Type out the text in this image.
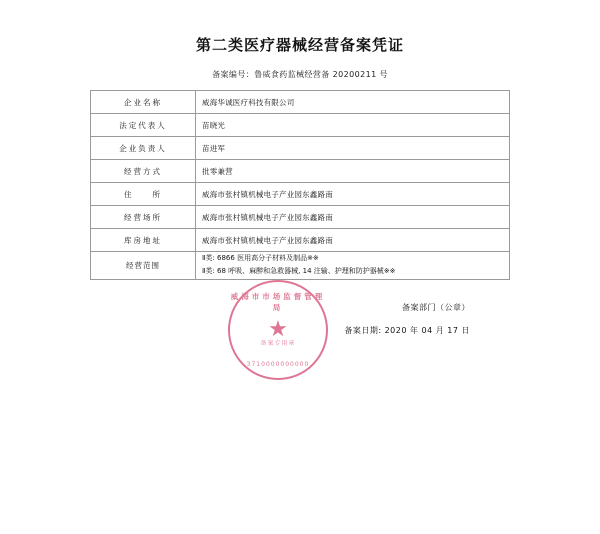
第二类医疗器械经营备案凭证
备案编号：鲁威食药监械经营备 20200211 号
企业名称	威海华诚医疗科技有限公司
法定代表人	苗晓光
企业负责人	苗进军
经营方式	批零兼营
住　　所	威海市张村镇机械电子产业园东鑫路南
经营场所	威海市张村镇机械电子产业园东鑫路南
库房地址	威海市张村镇机械电子产业园东鑫路南
经营范围	Ⅱ类: 6866 医用高分子材料及制品※※
Ⅱ类: 68 呼吸、麻醉和急救器械, 14 注输、护理和防护器械※※
威海市市场监督管理局
★
备案专用章
3710000000000
备案部门（公章）
备案日期: 2020 年 04 月 17 日
